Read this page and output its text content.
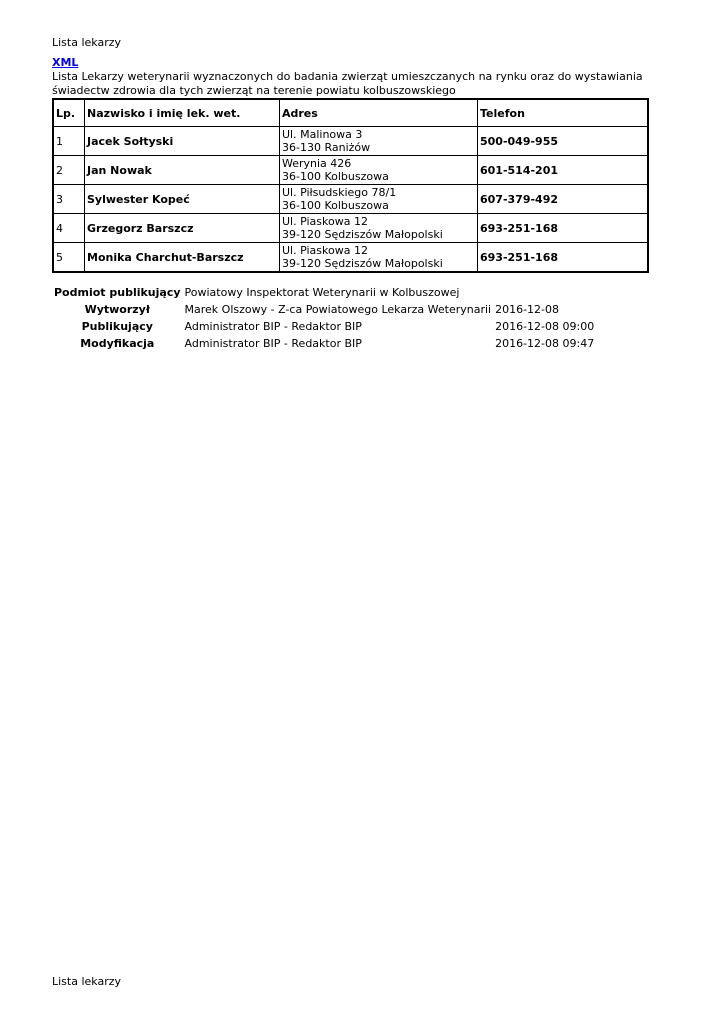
Lista lekarzy
XML
Lista Lekarzy weterynarii wyznaczonych do badania zwierząt umieszczanych na rynku oraz do wystawiania świadectw zdrowia dla tych zwierząt na terenie powiatu kolbuszowskiego
Lp.	Nazwisko i imię lek. wet.	Adres	Telefon
1	Jacek Sołtyski	Ul. Malinowa 3
36-130 Raniżów	500-049-955
2	Jan Nowak	Werynia 426
36-100 Kolbuszowa	601-514-201
3	Sylwester Kopeć	Ul. Piłsudskiego 78/1
36-100 Kolbuszowa	607-379-492
4	Grzegorz Barszcz	Ul. Piaskowa 12
39-120 Sędziszów Małopolski	693-251-168
5	Monika Charchut-Barszcz	Ul. Piaskowa 12
39-120 Sędziszów Małopolski	693-251-168
Podmiot publikujący	Powiatowy Inspektorat Weterynarii w Kolbuszowej	
Wytworzył	Marek Olszowy - Z-ca Powiatowego Lekarza Weterynarii	2016-12-08
Publikujący	Administrator BIP - Redaktor BIP	2016-12-08 09:00
Modyfikacja	Administrator BIP - Redaktor BIP	2016-12-08 09:47
Lista lekarzy
